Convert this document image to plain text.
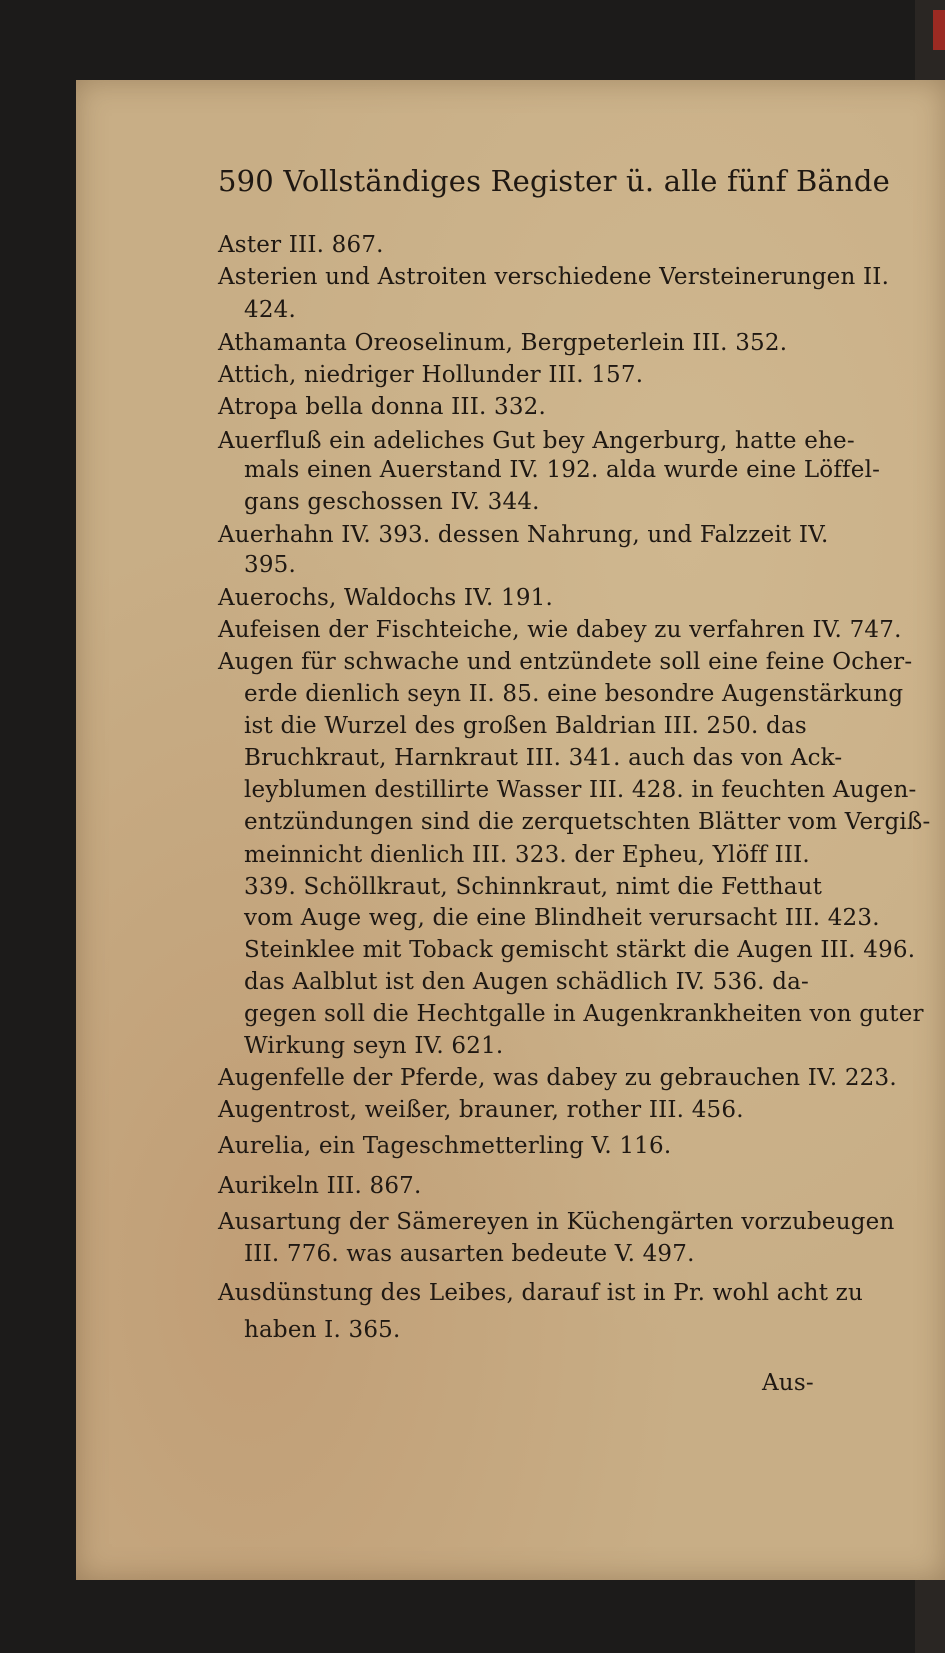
590 Vollständiges Register ü. alle fünf Bände
Aster III. 867.
Asterien und Astroiten verschiedene Versteinerungen II.
424.
Athamanta Oreoselinum, Bergpeterlein III. 352.
Attich, niedriger Hollunder III. 157.
Atropa bella donna III. 332.
Auerfluß ein adeliches Gut bey Angerburg, hatte ehe-
mals einen Auerstand IV. 192. alda wurde eine Löffel-
gans geschossen IV. 344.
Auerhahn IV. 393. dessen Nahrung, und Falzzeit IV.
395.
Auerochs, Waldochs IV. 191.
Aufeisen der Fischteiche, wie dabey zu verfahren IV. 747.
Augen für schwache und entzündete soll eine feine Ocher-
erde dienlich seyn II. 85. eine besondre Augenstärkung
ist die Wurzel des großen Baldrian III. 250. das
Bruchkraut, Harnkraut III. 341. auch das von Ack-
leyblumen destillirte Wasser III. 428. in feuchten Augen-
entzündungen sind die zerquetschten Blätter vom Vergiß-
meinnicht dienlich III. 323. der Epheu, Ylöff III.
339. Schöllkraut, Schinnkraut, nimt die Fetthaut
vom Auge weg, die eine Blindheit verursacht III. 423.
Steinklee mit Toback gemischt stärkt die Augen III. 496.
das Aalblut ist den Augen schädlich IV. 536. da-
gegen soll die Hechtgalle in Augenkrankheiten von guter
Wirkung seyn IV. 621.
Augenfelle der Pferde, was dabey zu gebrauchen IV. 223.
Augentrost, weißer, brauner, rother III. 456.
Aurelia, ein Tageschmetterling V. 116.
Aurikeln III. 867.
Ausartung der Sämereyen in Küchengärten vorzubeugen
III. 776. was ausarten bedeute V. 497.
Ausdünstung des Leibes, darauf ist in Pr. wohl acht zu
haben I. 365.
Aus-
